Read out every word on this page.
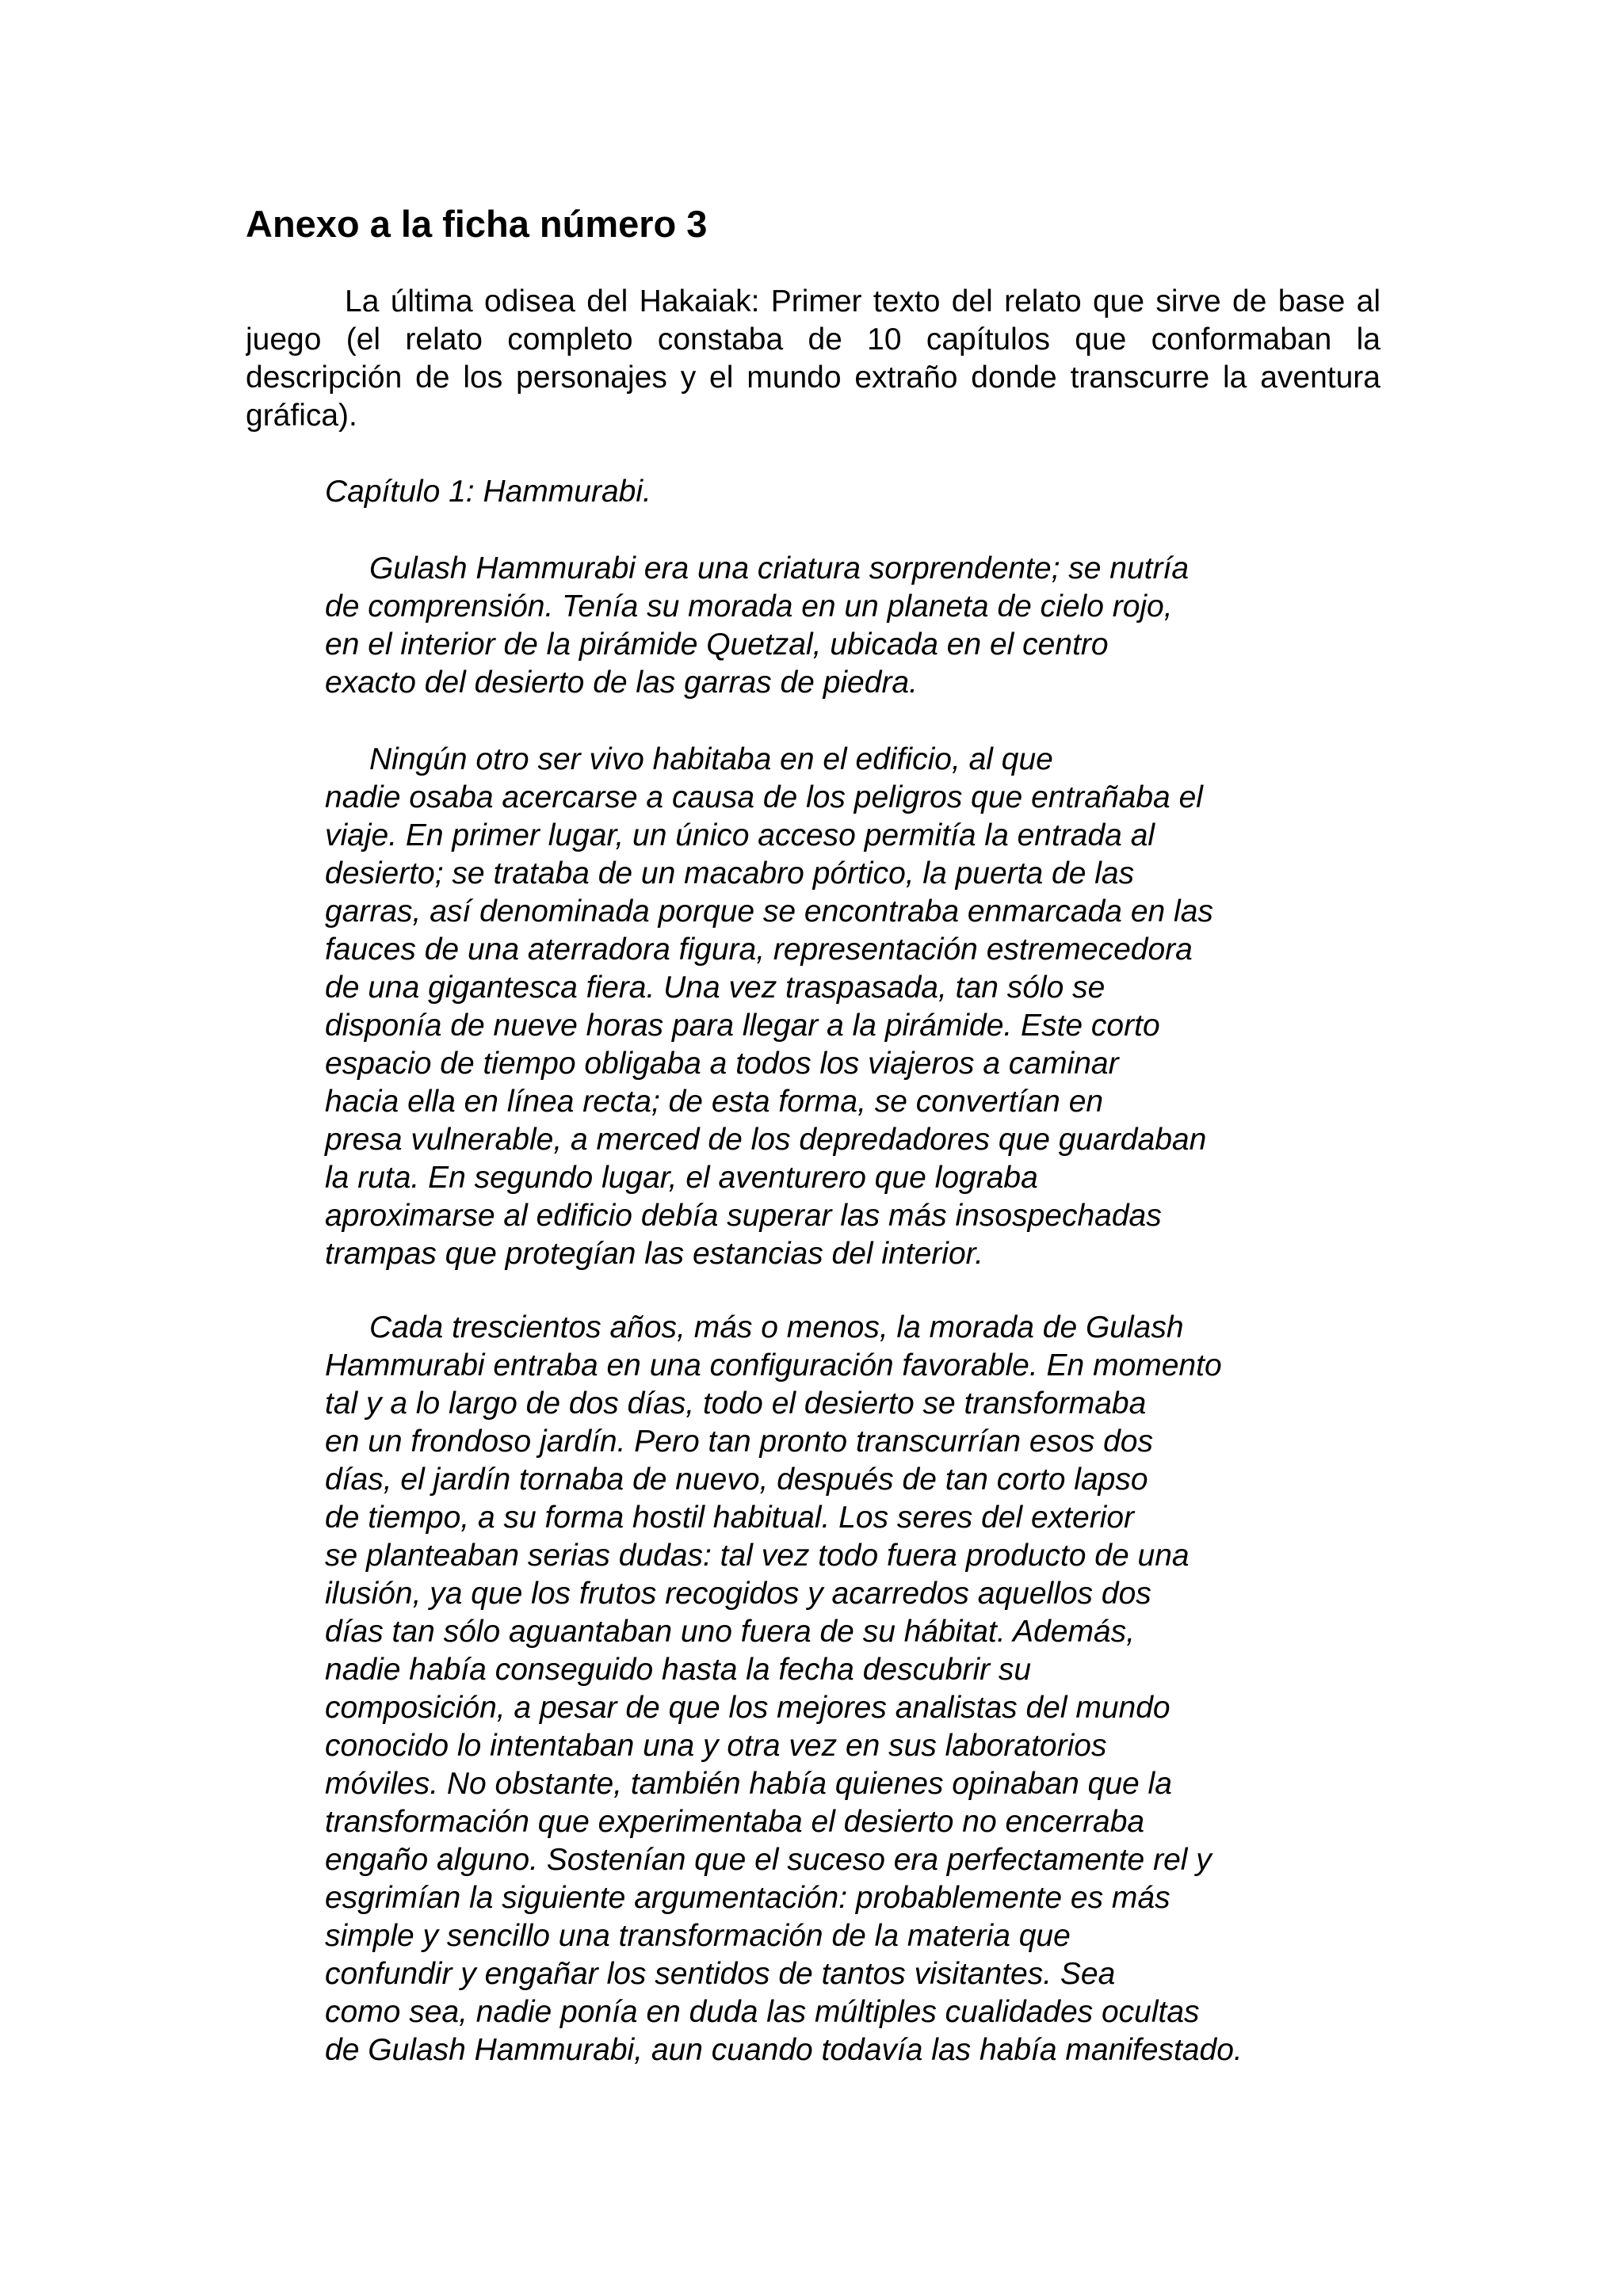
Anexo a la ficha número 3
La última odisea del Hakaiak: Primer texto del relato que sirve de base al
juego (el relato completo constaba de 10 capítulos que conformaban la
descripción de los personajes y el mundo extraño donde transcurre la aventura
gráfica).
Capítulo 1: Hammurabi.
Gulash Hammurabi era una criatura sorprendente; se nutría
de comprensión. Tenía su morada en un planeta de cielo rojo,
en el interior de la pirámide Quetzal, ubicada en el centro
exacto del desierto de las garras de piedra.
Ningún otro ser vivo habitaba en el edificio, al que
nadie osaba acercarse a causa de los peligros que entrañaba el
viaje. En primer lugar, un único acceso permitía la entrada al
desierto; se trataba de un macabro pórtico, la puerta de las
garras, así denominada porque se encontraba enmarcada en las
fauces de una aterradora figura, representación estremecedora
de una gigantesca fiera. Una vez traspasada, tan sólo se
disponía de nueve horas para llegar a la pirámide. Este corto
espacio de tiempo obligaba a todos los viajeros a caminar
hacia ella en línea recta; de esta forma, se convertían en
presa vulnerable, a merced de los depredadores que guardaban
la ruta. En segundo lugar, el aventurero que lograba
aproximarse al edificio debía superar las más insospechadas
trampas que protegían las estancias del interior.
Cada trescientos años, más o menos, la morada de Gulash
Hammurabi entraba en una configuración favorable. En momento
tal y a lo largo de dos días, todo el desierto se transformaba
en un frondoso jardín. Pero tan pronto transcurrían esos dos
días, el jardín tornaba de nuevo, después de tan corto lapso
de tiempo, a su forma hostil habitual. Los seres del exterior
se planteaban serias dudas: tal vez todo fuera producto de una
ilusión, ya que los frutos recogidos y acarredos aquellos dos
días tan sólo aguantaban uno fuera de su hábitat. Además,
nadie había conseguido hasta la fecha descubrir su
composición, a pesar de que los mejores analistas del mundo
conocido lo intentaban una y otra vez en sus laboratorios
móviles. No obstante, también había quienes opinaban que la
transformación que experimentaba el desierto no encerraba
engaño alguno. Sostenían que el suceso era perfectamente rel y
esgrimían la siguiente argumentación: probablemente es más
simple y sencillo una transformación de la materia que
confundir y engañar los sentidos de tantos visitantes. Sea
como sea, nadie ponía en duda las múltiples cualidades ocultas
de Gulash Hammurabi, aun cuando todavía las había manifestado.
